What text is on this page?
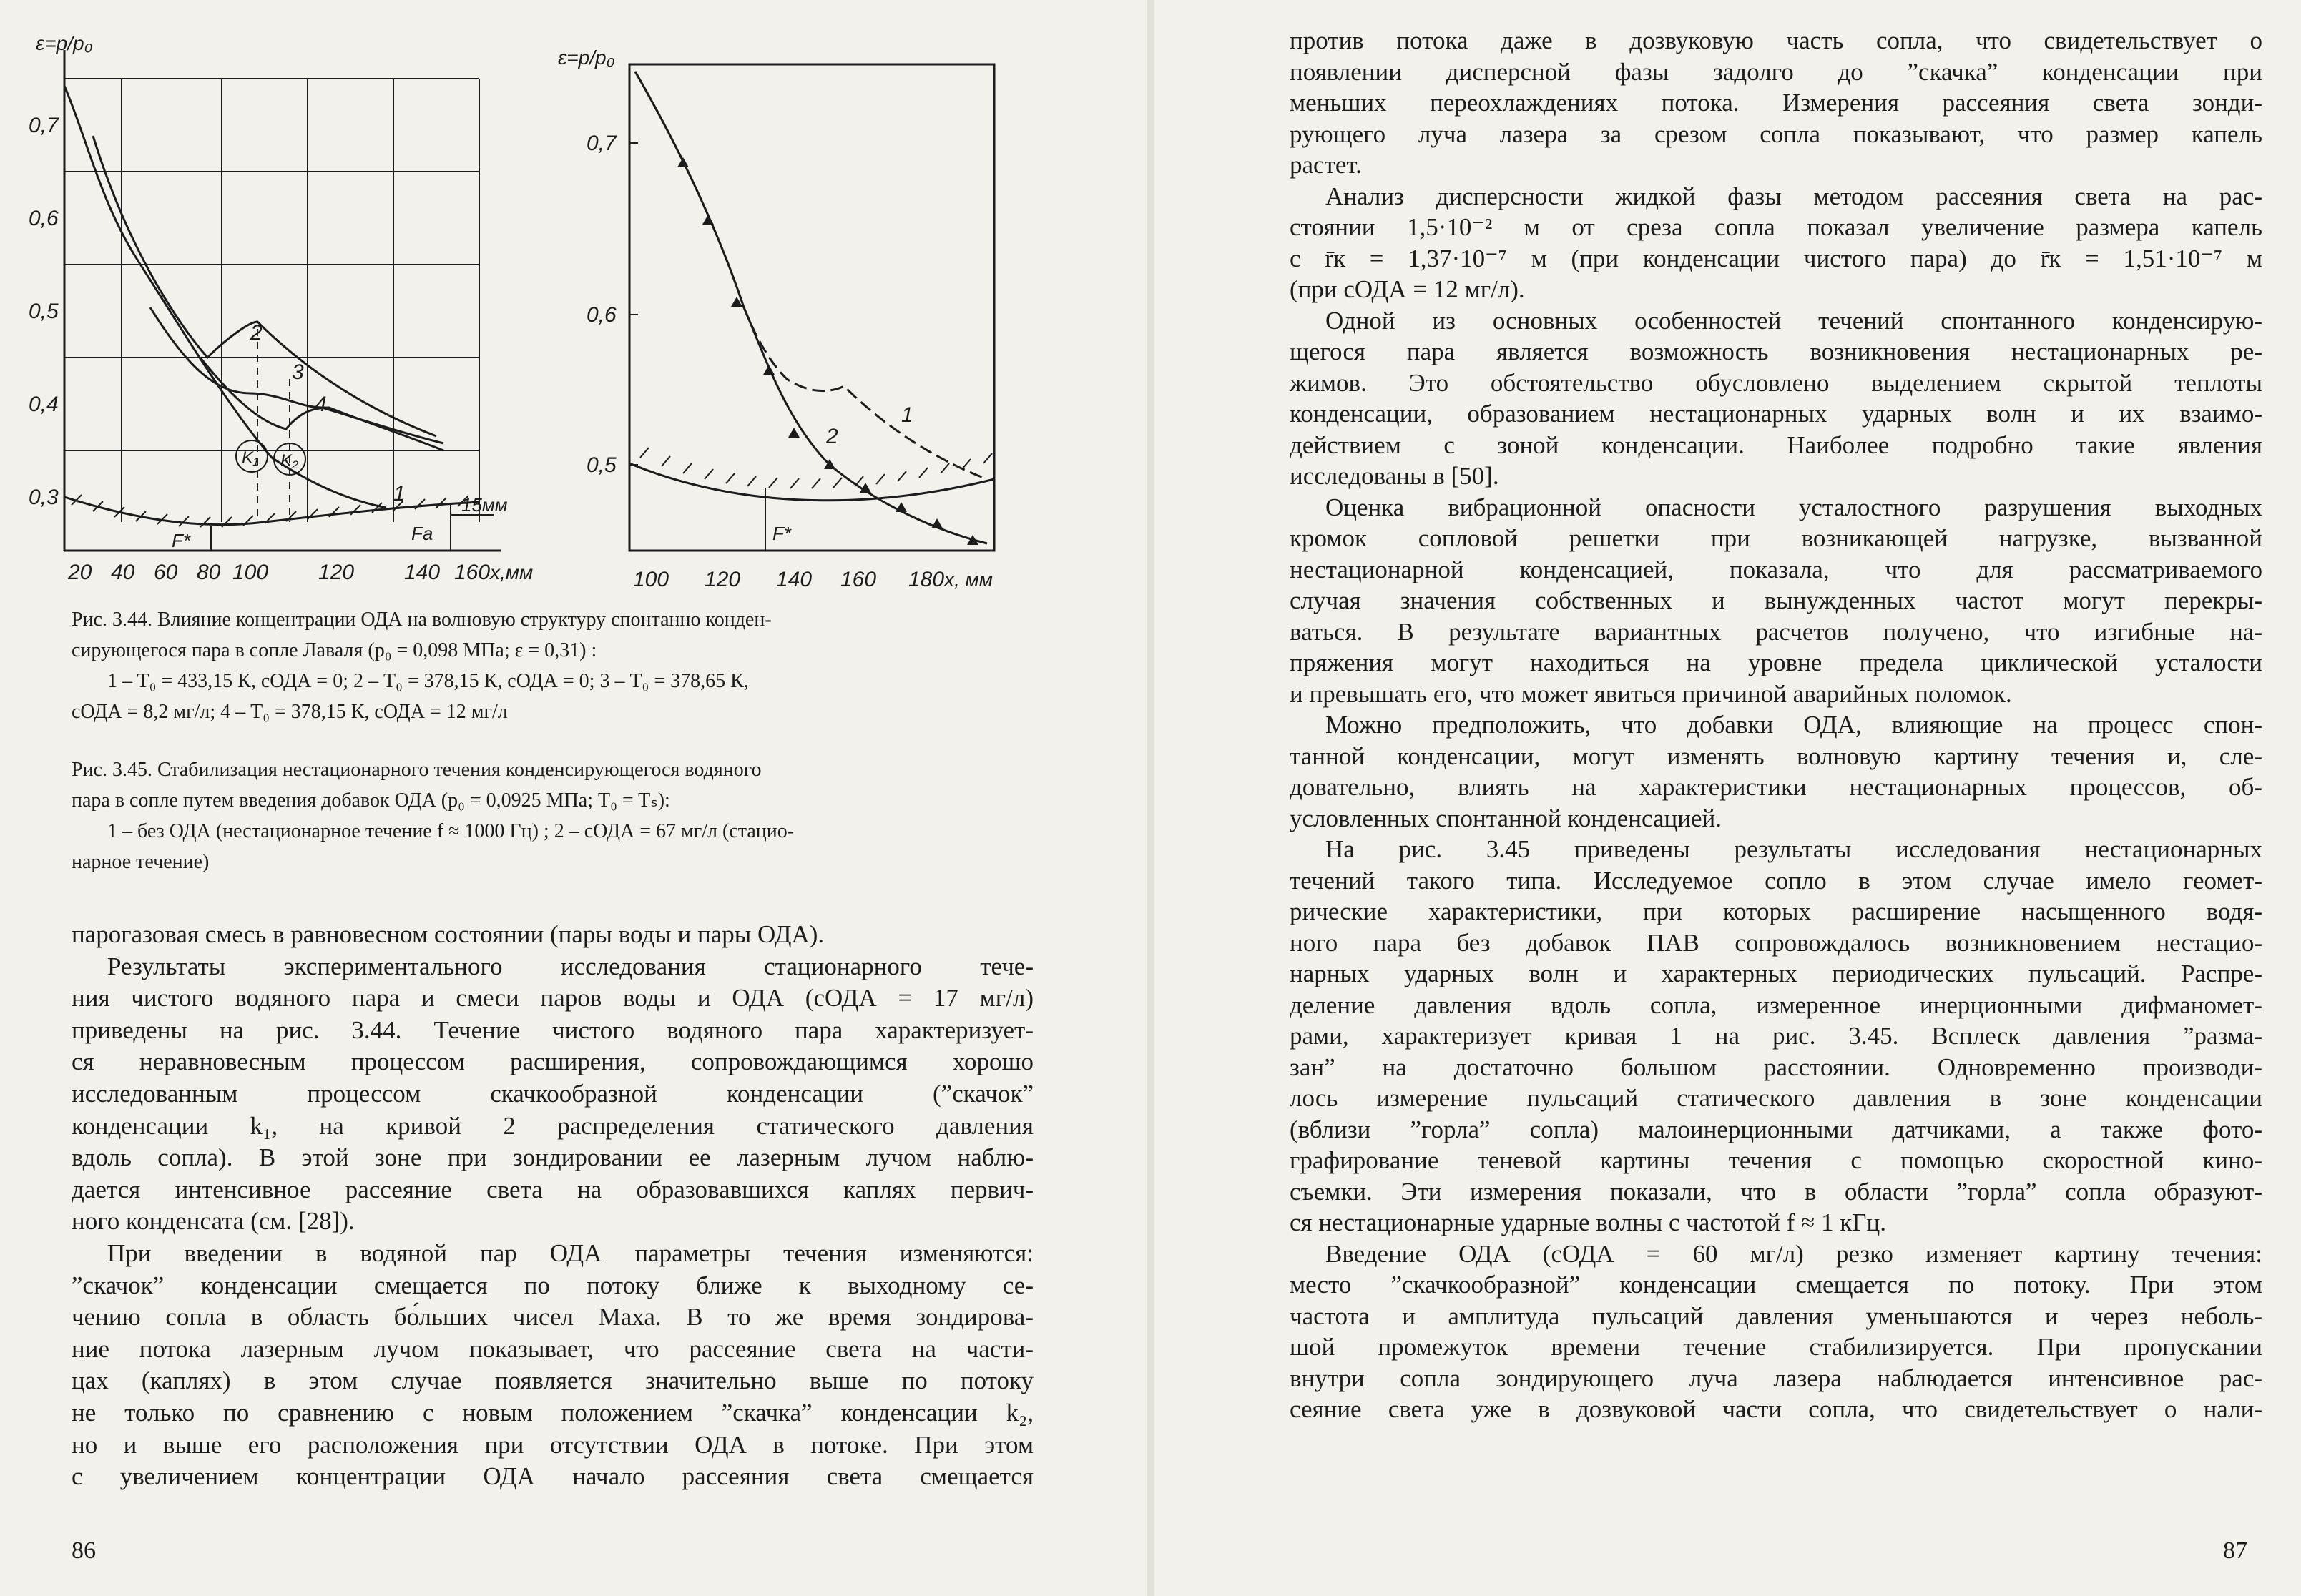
ε=p/p₀
0,7
0,6
0,5
0,4
0,3
20 40 60 80 100 120 140 160 x,мм
1
2
3
4
K₁ K₂
F*	Fa
15мм
ε=p/p₀
0,7
0,6
0,5
100 120 140 160 180 x, мм
1
2
F*
Рис. 3.44. Влияние концентрации ОДА на волновую структуру спонтанно конден-
сирующегося пара в сопле Лаваля (p₀ = 0,098 МПа; ε = 0,31) :
1 – T₀ = 433,15 К, cОДА = 0; 2 – T₀ = 378,15 К, cОДА = 0; 3 – T₀ = 378,65 К,
cОДА = 8,2 мг/л; 4 – T₀ = 378,15 К, cОДА = 12 мг/л
Рис. 3.45. Стабилизация нестационарного течения конденсирующегося водяного
пара в сопле путем введения добавок ОДА (p₀ = 0,0925 МПа; T₀ = Tₛ):
1 – без ОДА (нестационарное течение f ≈ 1000 Гц) ; 2 – cОДА = 67 мг/л (стацио-
нарное течение)

парогазовая смесь в равновесном состоянии (пары воды и пары ОДА).

Результаты экспериментального исследования стационарного тече-

ния чистого водяного пара и смеси паров воды и ОДА (cОДА = 17 мг/л)

приведены на рис. 3.44. Течение чистого водяного пара характеризует-

ся неравновесным процессом расширения, сопровождающимся хорошо

исследованным процессом скачкообразной конденсации (”скачок”

конденсации k₁, на кривой 2 распределения статического давления

вдоль сопла). В этой зоне при зондировании ее лазерным лучом наблю-

дается интенсивное рассеяние света на образовавшихся каплях первич-

ного конденсата (см. [28]).

При введении в водяной пар ОДА параметры течения изменяются:

”скачок” конденсации смещается по потоку ближе к выходному се-

чению сопла в область бо́льших чисел Маха. В то же время зондирова-

ние потока лазерным лучом показывает, что рассеяние света на части-

цах (каплях) в этом случае появляется значительно выше по потоку

не только по сравнению с новым положением ”скачка” конденсации k₂,

но и выше его расположения при отсутствии ОДА в потоке. При этом

с увеличением концентрации ОДА начало рассеяния света смещается

86

против потока даже в дозвуковую часть сопла, что свидетельствует о

появлении дисперсной фазы задолго до ”скачка” конденсации при

меньших переохлаждениях потока. Измерения рассеяния света зонди-

рующего луча лазера за срезом сопла показывают, что размер капель

растет.

Анализ дисперсности жидкой фазы методом рассеяния света на рас-

стоянии 1,5·10⁻² м от среза сопла показал увеличение размера капель

с r̄к = 1,37·10⁻⁷ м (при конденсации чистого пара) до r̄к = 1,51·10⁻⁷ м

(при cОДА = 12 мг/л).

Одной из основных особенностей течений спонтанного конденсирую-

щегося пара является возможность возникновения нестационарных ре-

жимов. Это обстоятельство обусловлено выделением скрытой теплоты

конденсации, образованием нестационарных ударных волн и их взаимо-

действием с зоной конденсации. Наиболее подробно такие явления

исследованы в [50].

Оценка вибрационной опасности усталостного разрушения выходных

кромок сопловой решетки при возникающей нагрузке, вызванной

нестационарной конденсацией, показала, что для рассматриваемого

случая значения собственных и вынужденных частот могут перекры-

ваться. В результате вариантных расчетов получено, что изгибные на-

пряжения могут находиться на уровне предела циклической усталости

и превышать его, что может явиться причиной аварийных поломок.

Можно предположить, что добавки ОДА, влияющие на процесс спон-

танной конденсации, могут изменять волновую картину течения и, сле-

довательно, влиять на характеристики нестационарных процессов, об-

условленных спонтанной конденсацией.

На рис. 3.45 приведены результаты исследования нестационарных

течений такого типа. Исследуемое сопло в этом случае имело геомет-

рические характеристики, при которых расширение насыщенного водя-

ного пара без добавок ПАВ сопровождалось возникновением нестацио-

нарных ударных волн и характерных периодических пульсаций. Распре-

деление давления вдоль сопла, измеренное инерционными дифманомет-

рами, характеризует кривая 1 на рис. 3.45. Всплеск давления ”разма-

зан” на достаточно большом расстоянии. Одновременно производи-

лось измерение пульсаций статического давления в зоне конденсации

(вблизи ”горла” сопла) малоинерционными датчиками, а также фото-

графирование теневой картины течения с помощью скоростной кино-

съемки. Эти измерения показали, что в области ”горла” сопла образуют-

ся нестационарные ударные волны с частотой f ≈ 1 кГц.

Введение ОДА (cОДА = 60 мг/л) резко изменяет картину течения:

место ”скачкообразной” конденсации смещается по потоку. При этом

частота и амплитуда пульсаций давления уменьшаются и через неболь-

шой промежуток времени течение стабилизируется. При пропускании

внутри сопла зондирующего луча лазера наблюдается интенсивное рас-

сеяние света уже в дозвуковой части сопла, что свидетельствует о нали-

87
